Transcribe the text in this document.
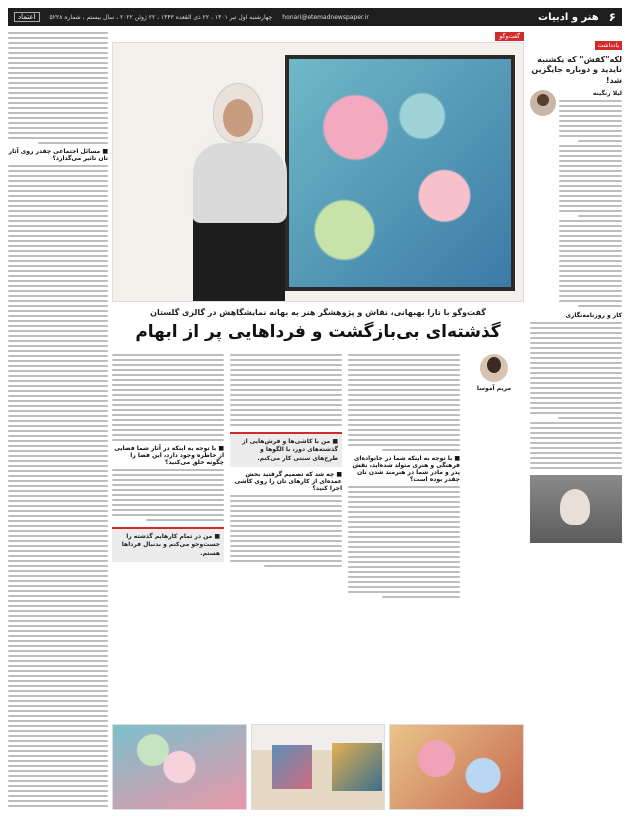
۶
هنر و ادبیات
honari@etemadnewspaper.ir
چهارشنبه اول تیر ۱۴۰۱ ، ۲۲ ذی القعده ۱۴۴۳ ، ۲۲ ژوئن ۲۰۲۲ ، سال بیستم ، شماره ۵۲۲۸
اعتماد
یادداشت
لکه"کفش" که یکشنبه نایدید و دوباره جایگزین شد!
لیلا رنگینه
کار و روزنامه‌نگاری
■ مسائل اجتماعی چقدر روی آثار تان تاثیر می‌گذارد؟
گفت‌وگو
گفت‌وگو با تارا بهبهانی، نقاش و پژوهشگر هنر به بهانه نمایشگاهش در گالری گلستان
گذشته‌ای بی‌بازگشت و فرداهایی پر از ابهام
مریم آموسا
■ با توجه به اینکه شما در خانواده‌ای فرهنگی و هنری متولد شده‌اید، نقش پدر و مادر شما در هنرمند شدن تان چقدر بوده است؟
■ من با کاشی‌ها و فرش‌هایی از گذشته‌های دور، با الگوها و طرح‌های سنتی کار می‌کنم.
■ چه شد که تصمیم گرفتید بخش عمده‌ای از کارهای تان را روی کاشی اجرا کنید؟
■ با توجه به اینکه در آثار شما فضایی از خاطره وجود دارد، این فضا را چگونه خلق می‌کنید؟
■ من در تمام کارهایم گذشته را جست‌وجو می‌کنم و بدنبال فرداها هستم.
